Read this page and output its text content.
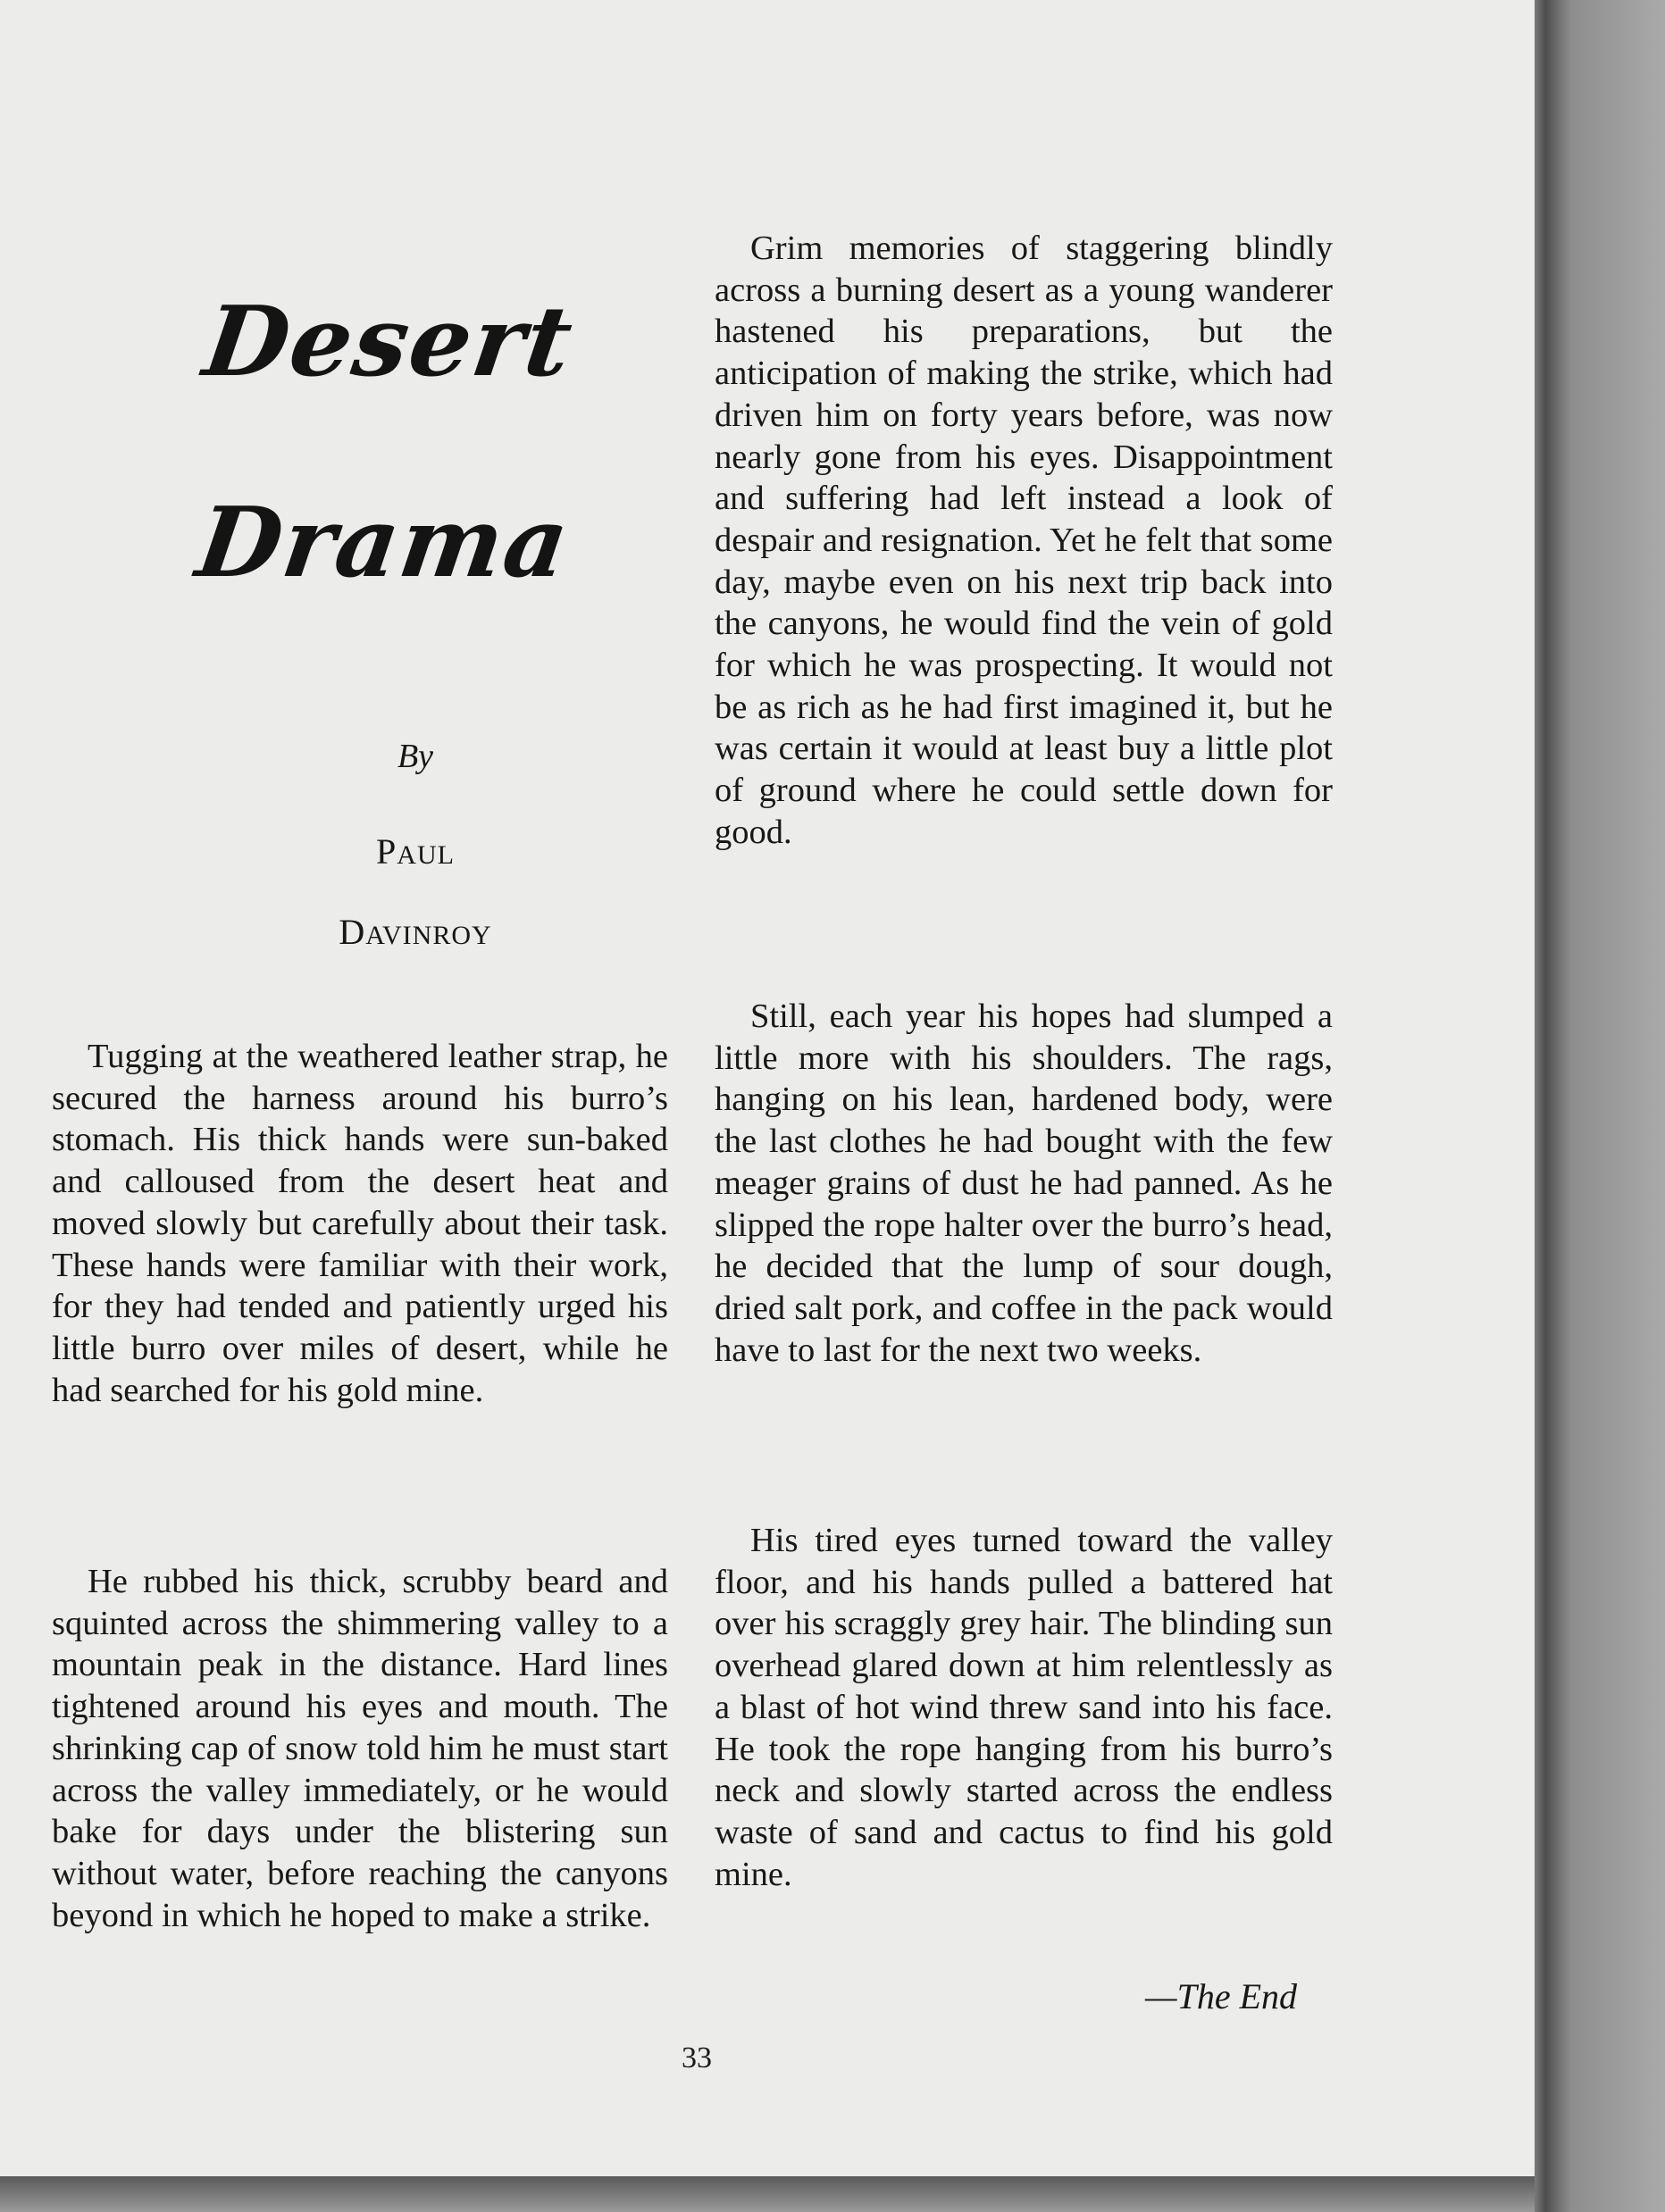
Desert
Drama
By
PAUL
DAVINROY

Tugging at the weathered leather strap, he secured the harness around his burro’s stomach. His thick hands were sun-baked and calloused from the desert heat and moved slowly but carefully about their task. These hands were familiar with their work, for they had tended and patiently urged his little burro over miles of desert, while he had searched for his gold mine.

He rubbed his thick, scrubby beard and squinted across the shimmering valley to a mountain peak in the distance. Hard lines tightened around his eyes and mouth. The shrinking cap of snow told him he must start across the valley immediately, or he would bake for days under the blistering sun without water, before reaching the canyons beyond in which he hoped to make a strike.

Grim memories of staggering blindly across a burning desert as a young wanderer hastened his preparations, but the anticipation of making the strike, which had driven him on forty years before, was now nearly gone from his eyes. Disappointment and suffering had left instead a look of despair and resignation. Yet he felt that some day, maybe even on his next trip back into the canyons, he would find the vein of gold for which he was prospecting. It would not be as rich as he had first imagined it, but he was certain it would at least buy a little plot of ground where he could settle down for good.

Still, each year his hopes had slumped a little more with his shoulders. The rags, hanging on his lean, hardened body, were the last clothes he had bought with the few meager grains of dust he had panned. As he slipped the rope halter over the burro’s head, he decided that the lump of sour dough, dried salt pork, and coffee in the pack would have to last for the next two weeks.

His tired eyes turned toward the valley floor, and his hands pulled a battered hat over his scraggly grey hair. The blinding sun overhead glared down at him relentlessly as a blast of hot wind threw sand into his face. He took the rope hanging from his burro’s neck and slowly started across the endless waste of sand and cactus to find his gold mine.

—The End
33
